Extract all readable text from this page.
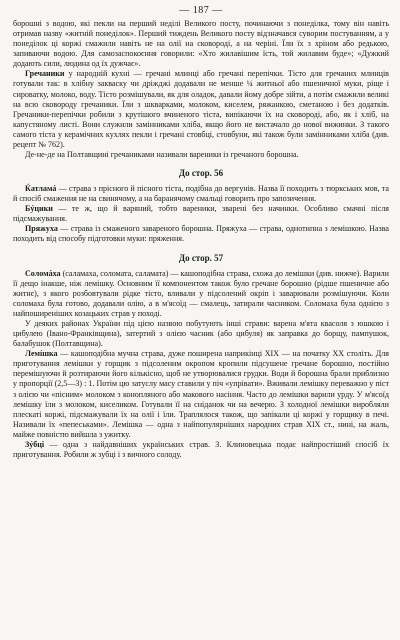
— 187 —

борошні з водою, які пекли на перший неділі Великого посту, починаючи з понеділка, тому він навіть отримав назву «житній понеділок». Перший тиждень Великого посту відзначався суворим постуванням, а у понеділок ці коржі смажили навіть не на олії на сковороді, а на черіні. Їли їх з хріном або редькою, запиваючи водою. Для самозаспокоєння говорили: «Хто жилавішим їсть, той жилавим буде»; «Дужкий додають сили, людина од їх дужчає».

Гречаники у народній кухні — гречані млинці або гречані перепічки. Тісто для гречаних млинців готували так: в хлібну закваску чи дріжджі додавали не менше ¼ житньої або пшеничної муки, ріще і сироватку, молоко, воду. Тісто розмішували, як для оладок, давали йому добре зійти, а потім смажили великі на всю сковороду гречаники. Їли з шкварками, молоком, киселем, ряжанкою, сметаною і без додатків. Гречаники-перепічки робили з крутішого вчиненого тіста, випікаючи їх на сковороді, або, як і хліб, на капустяному листі. Вони служили замінниками хліба, якщо його не вистачало до нової вижинки. З такого самого тіста у керамічних кухлях пекли і гречані стовбці, стовбуни, які також були замінниками хліба (див. рецепт № 762).

Де-не-де на Полтавщині гречаниками називали вареники із гречаного борошна.

До стор. 56

Ќатламá — страва з прісного й пісного тіста, подібна до вергунів. Назва її походить з тюркських мов, та й спосіб смаження не на свинячому, а на баранячому смальці говорить про запозичення.

Бýцики — те ж, що й варяний, тобто вареники, зварені без начинки. Особливо смачні після підсмажування.

Пряжуха — страва із смаженого завареного борошна. Пряжуха — страва, однотипна з лемішкою. Назва походить від способу підготовки муки: пряження.

До стор. 57

Соломáха (саламаха, соломата, саламата) — кашоподібна страва, схожа до лемішки (див. нижче). Варили її дещо інакше, ніж лемішку. Основним її компонентом також було гречане борошно (рідше пшеничне або житнє), з якого розбовтували рідке тісто, вливали у підсолений окріп і заварювали розмішуючи. Коли соломаха була готово, додавали олію, а в м'ясоїд — смалець, затирали часником. Соломаха була однією з найпоширеніших козацьких страв у поході.

У деяких районах України під цією назвою побутують інші страви: варена м'ята квасоля з юшкою і цибулею (Івано-Франківщина), затертий з олією часник (або цибуля) як заправка до борщу, пампушок, балабушок (Полтавщина).

Лемíшка — кашоподібна мучна страва, дуже поширена наприкінці XIX — на початку XX століть. Для приготування лемішки у горщик з підсоленим окропом кропили підсушене гречане борошно, постійно перемішуючи й розтираючи його кількісно, щоб не утворювалися грудки. Води й борошна брали приблизно у пропорції (2,5—3) : 1. Потім цю затуслу масу ставили у піч «упрівати». Вживали лемішку переважно у піст з олією чи «пісним» молоком з конопляного або макового насіння. Часто до лемішки варили урду. У м'ясоїд лемішку їли з молоком, киселиком. Готували її на сніданок чи на вечерю. З холодної лемішки виробляли плескаті коржі, підсмажували їх на олії і їли. Траплялося також, що запікали ці коржі у горщику в печі. Називали їх «пепеськами». Лемішка — одна з найпопулярніших народних страв XIX ст., нині, на жаль, майже повністю вийшла з ужитку.

Зýбці — одна з найдавніших українських страв. З. Клиновецька подає найпростіший спосіб їх приготування. Робили ж зубці і з вичного солоду.
